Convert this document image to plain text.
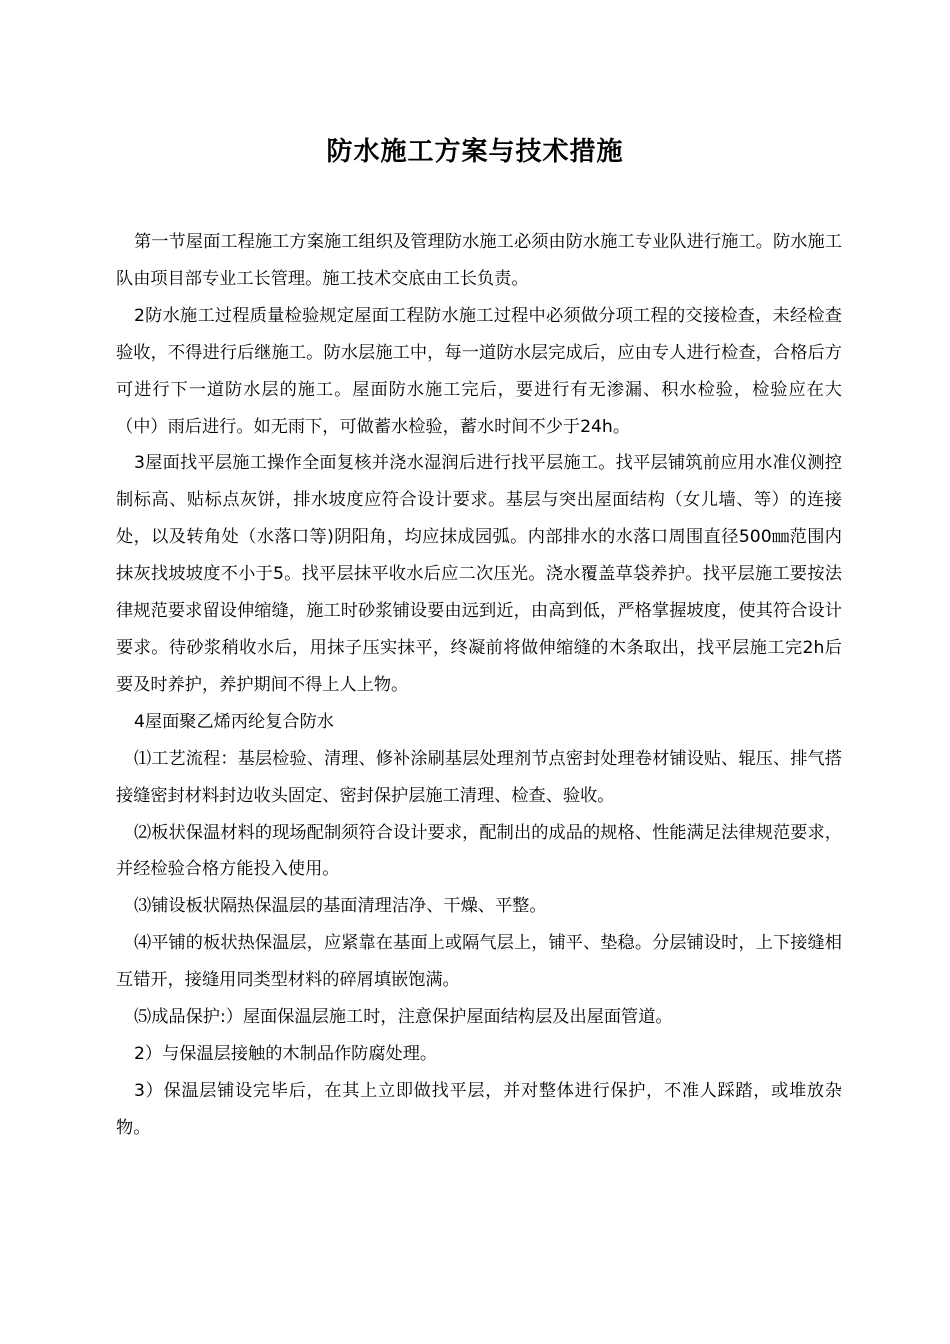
防水施工方案与技术措施

第一节屋面工程施工方案施工组织及管理防水施工必须由防水施工专业队进行施工。防水施工队由项目部专业工长管理。施工技术交底由工长负责。

2防水施工过程质量检验规定屋面工程防水施工过程中必须做分项工程的交接检查，未经检查验收，不得进行后继施工。防水层施工中，每一道防水层完成后，应由专人进行检查，合格后方可进行下一道防水层的施工。屋面防水施工完后，要进行有无渗漏、积水检验，检验应在大（中）雨后进行。如无雨下，可做蓄水检验，蓄水时间不少于24h。

3屋面找平层施工操作全面复核并浇水湿润后进行找平层施工。找平层铺筑前应用水准仪测控制标高、贴标点灰饼，排水坡度应符合设计要求。基层与突出屋面结构（女儿墙、等）的连接处，以及转角处（水落口等)阴阳角，均应抹成园弧。内部排水的水落口周围直径500㎜范围内抹灰找坡坡度不小于5。找平层抹平收水后应二次压光。浇水覆盖草袋养护。找平层施工要按法律规范要求留设伸缩缝，施工时砂浆铺设要由远到近，由高到低，严格掌握坡度，使其符合设计要求。待砂浆稍收水后，用抹子压实抹平，终凝前将做伸缩缝的木条取出，找平层施工完2h后要及时养护，养护期间不得上人上物。

4屋面聚乙烯丙纶复合防水

⑴工艺流程：基层检验、清理、修补涂刷基层处理剂节点密封处理卷材铺设贴、辊压、排气搭接缝密封材料封边收头固定、密封保护层施工清理、检查、验收。

⑵板状保温材料的现场配制须符合设计要求，配制出的成品的规格、性能满足法律规范要求，并经检验合格方能投入使用。

⑶铺设板状隔热保温层的基面清理洁净、干燥、平整。

⑷平铺的板状热保温层，应紧靠在基面上或隔气层上，铺平、垫稳。分层铺设时，上下接缝相互错开，接缝用同类型材料的碎屑填嵌饱满。

⑸成品保护:）屋面保温层施工时，注意保护屋面结构层及出屋面管道。

2）与保温层接触的木制品作防腐处理。

3）保温层铺设完毕后，在其上立即做找平层，并对整体进行保护，不准人踩踏，或堆放杂物。
